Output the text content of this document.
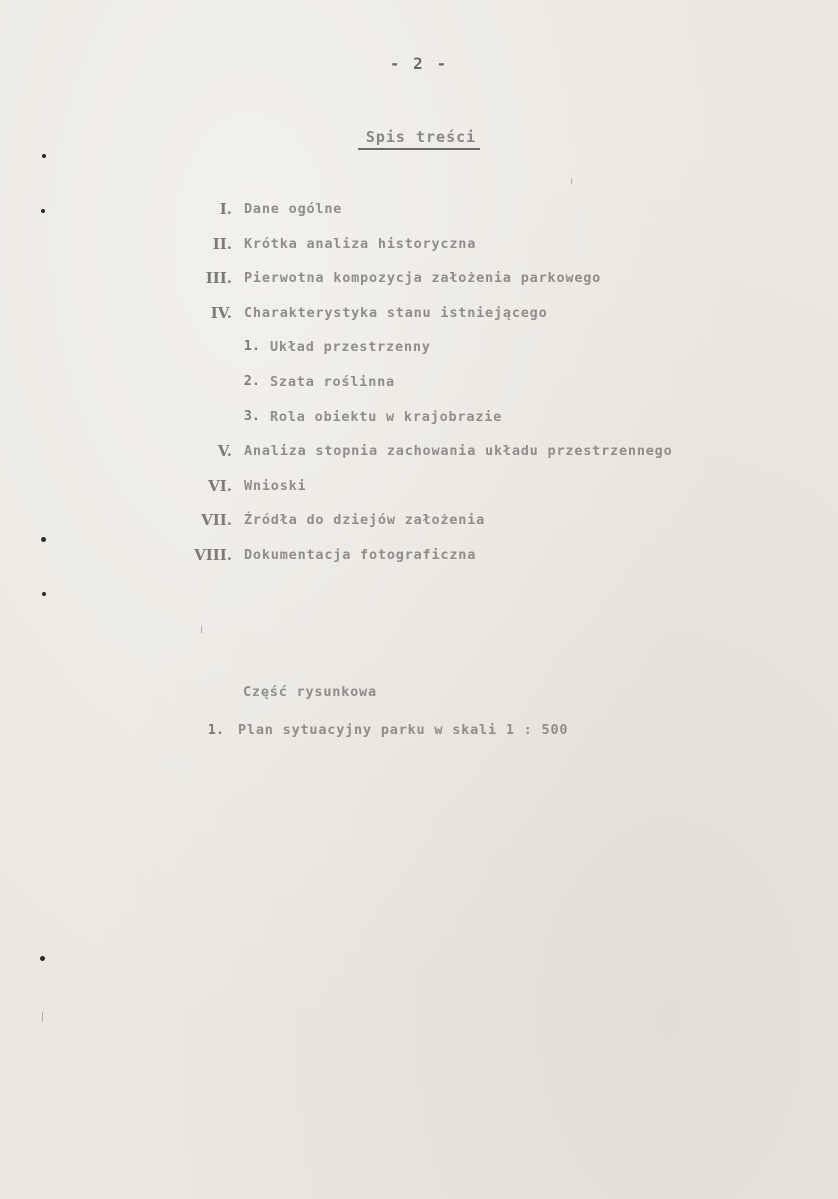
- 2 -
Spis treści
I. Dane ogólne
II. Krótka analiza historyczna
III. Pierwotna kompozycja założenia parkowego
IV. Charakterystyka stanu istniejącego
1. Układ przestrzenny
2. Szata roślinna
3. Rola obiektu w krajobrazie
V. Analiza stopnia zachowania układu przestrzennego
VI. Wnioski
VII. Źródła do dziejów założenia
VIII. Dokumentacja fotograficzna
Część rysunkowa
1. Plan sytuacyjny parku w skali 1 : 500
